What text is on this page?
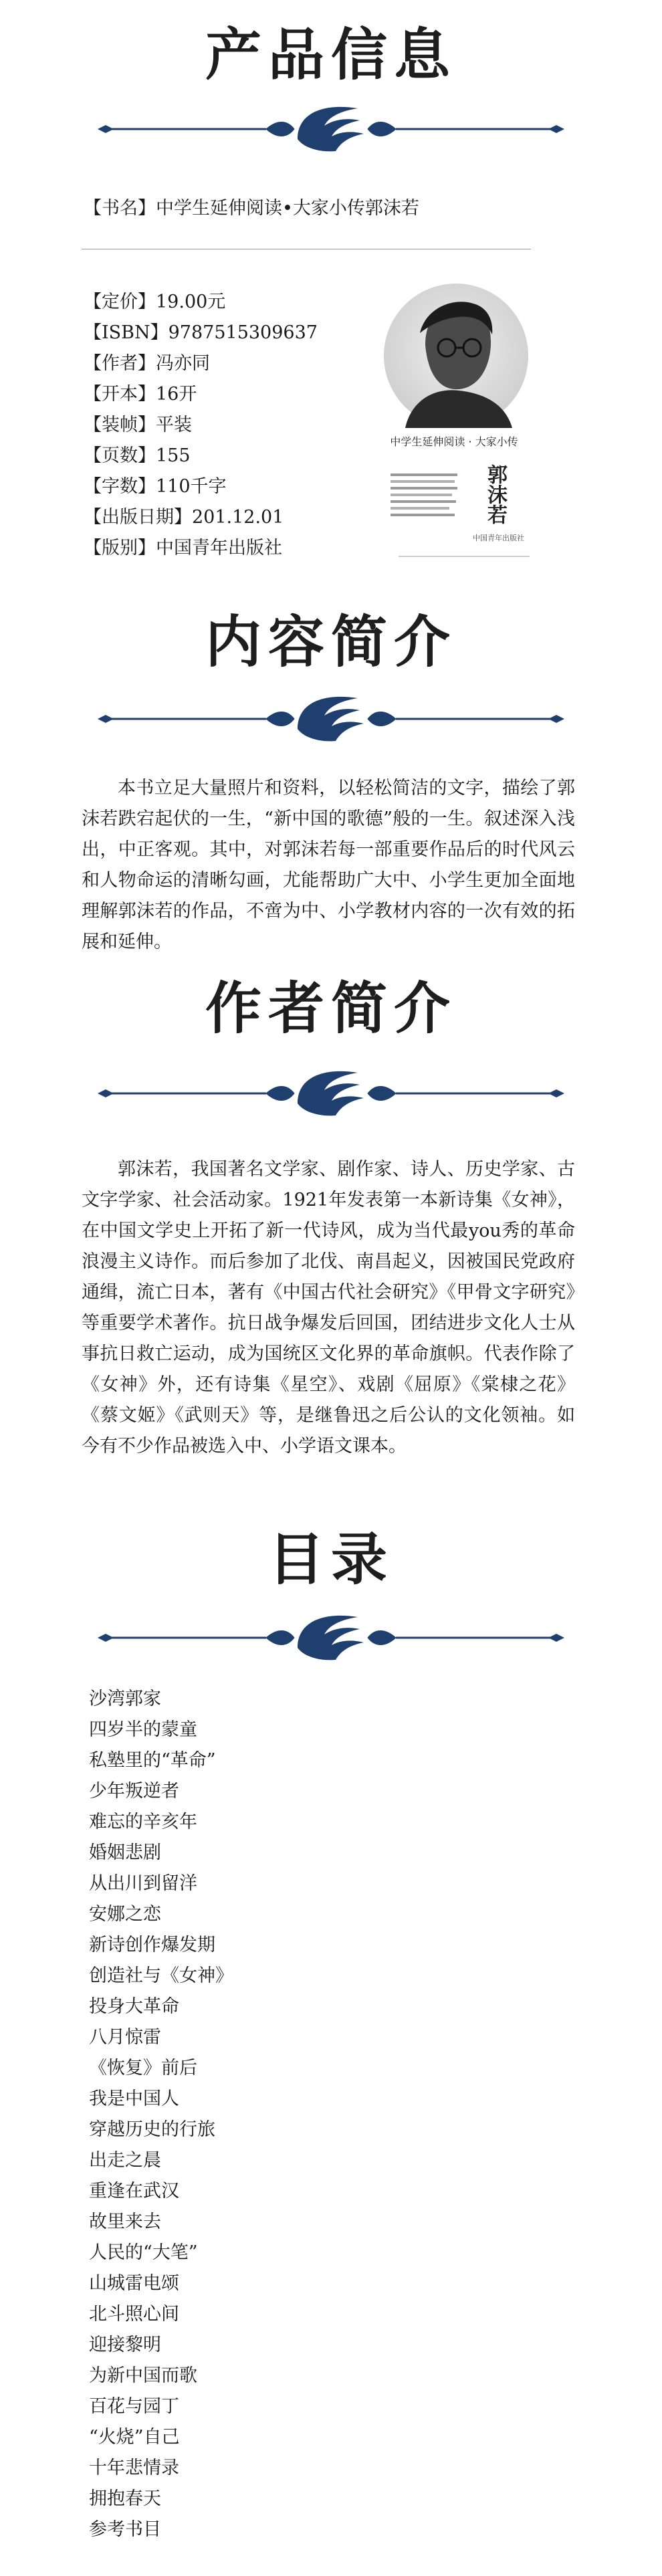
产品信息
【书名】中学生延伸阅读•大家小传郭沫若
【定价】19.00元
【ISBN】9787515309637
【作者】冯亦同
【开本】16开
【装帧】平装
【页数】155
【字数】110千字
【出版日期】201.12.01
【版别】中国青年出版社
中学生延伸阅读 · 大家小传
郭沫若
中国青年出版社
内容简介
本书立足大量照片和资料，以轻松简洁的文字，描绘了郭沫若跌宕起伏的一生，“新中国的歌德”般的一生。叙述深入浅出，中正客观。其中，对郭沫若每一部重要作品后的时代风云和人物命运的清晰勾画，尤能帮助广大中、小学生更加全面地理解郭沫若的作品，不啻为中、小学教材内容的一次有效的拓展和延伸。
作者简介
郭沫若，我国著名文学家、剧作家、诗人、历史学家、古文字学家、社会活动家。1921年发表第一本新诗集《女神》，在中国文学史上开拓了新一代诗风，成为当代最you秀的革命浪漫主义诗作。而后参加了北伐、南昌起义，因被国民党政府通缉，流亡日本，著有《中国古代社会研究》《甲骨文字研究》等重要学术著作。抗日战争爆发后回国，团结进步文化人士从事抗日救亡运动，成为国统区文化界的革命旗帜。代表作除了《女神》外，还有诗集《星空》、戏剧《屈原》《棠棣之花》《蔡文姬》《武则天》等，是继鲁迅之后公认的文化领袖。如今有不少作品被选入中、小学语文课本。
目录
沙湾郭家
四岁半的蒙童
私塾里的“革命”
少年叛逆者
难忘的辛亥年
婚姻悲剧
从出川到留洋
安娜之恋
新诗创作爆发期
创造社与《女神》
投身大革命
八月惊雷
《恢复》前后
我是中国人
穿越历史的行旅
出走之晨
重逢在武汉
故里来去
人民的“大笔”
山城雷电颂
北斗照心间
迎接黎明
为新中国而歌
百花与园丁
“火烧”自己
十年悲情录
拥抱春天
参考书目
